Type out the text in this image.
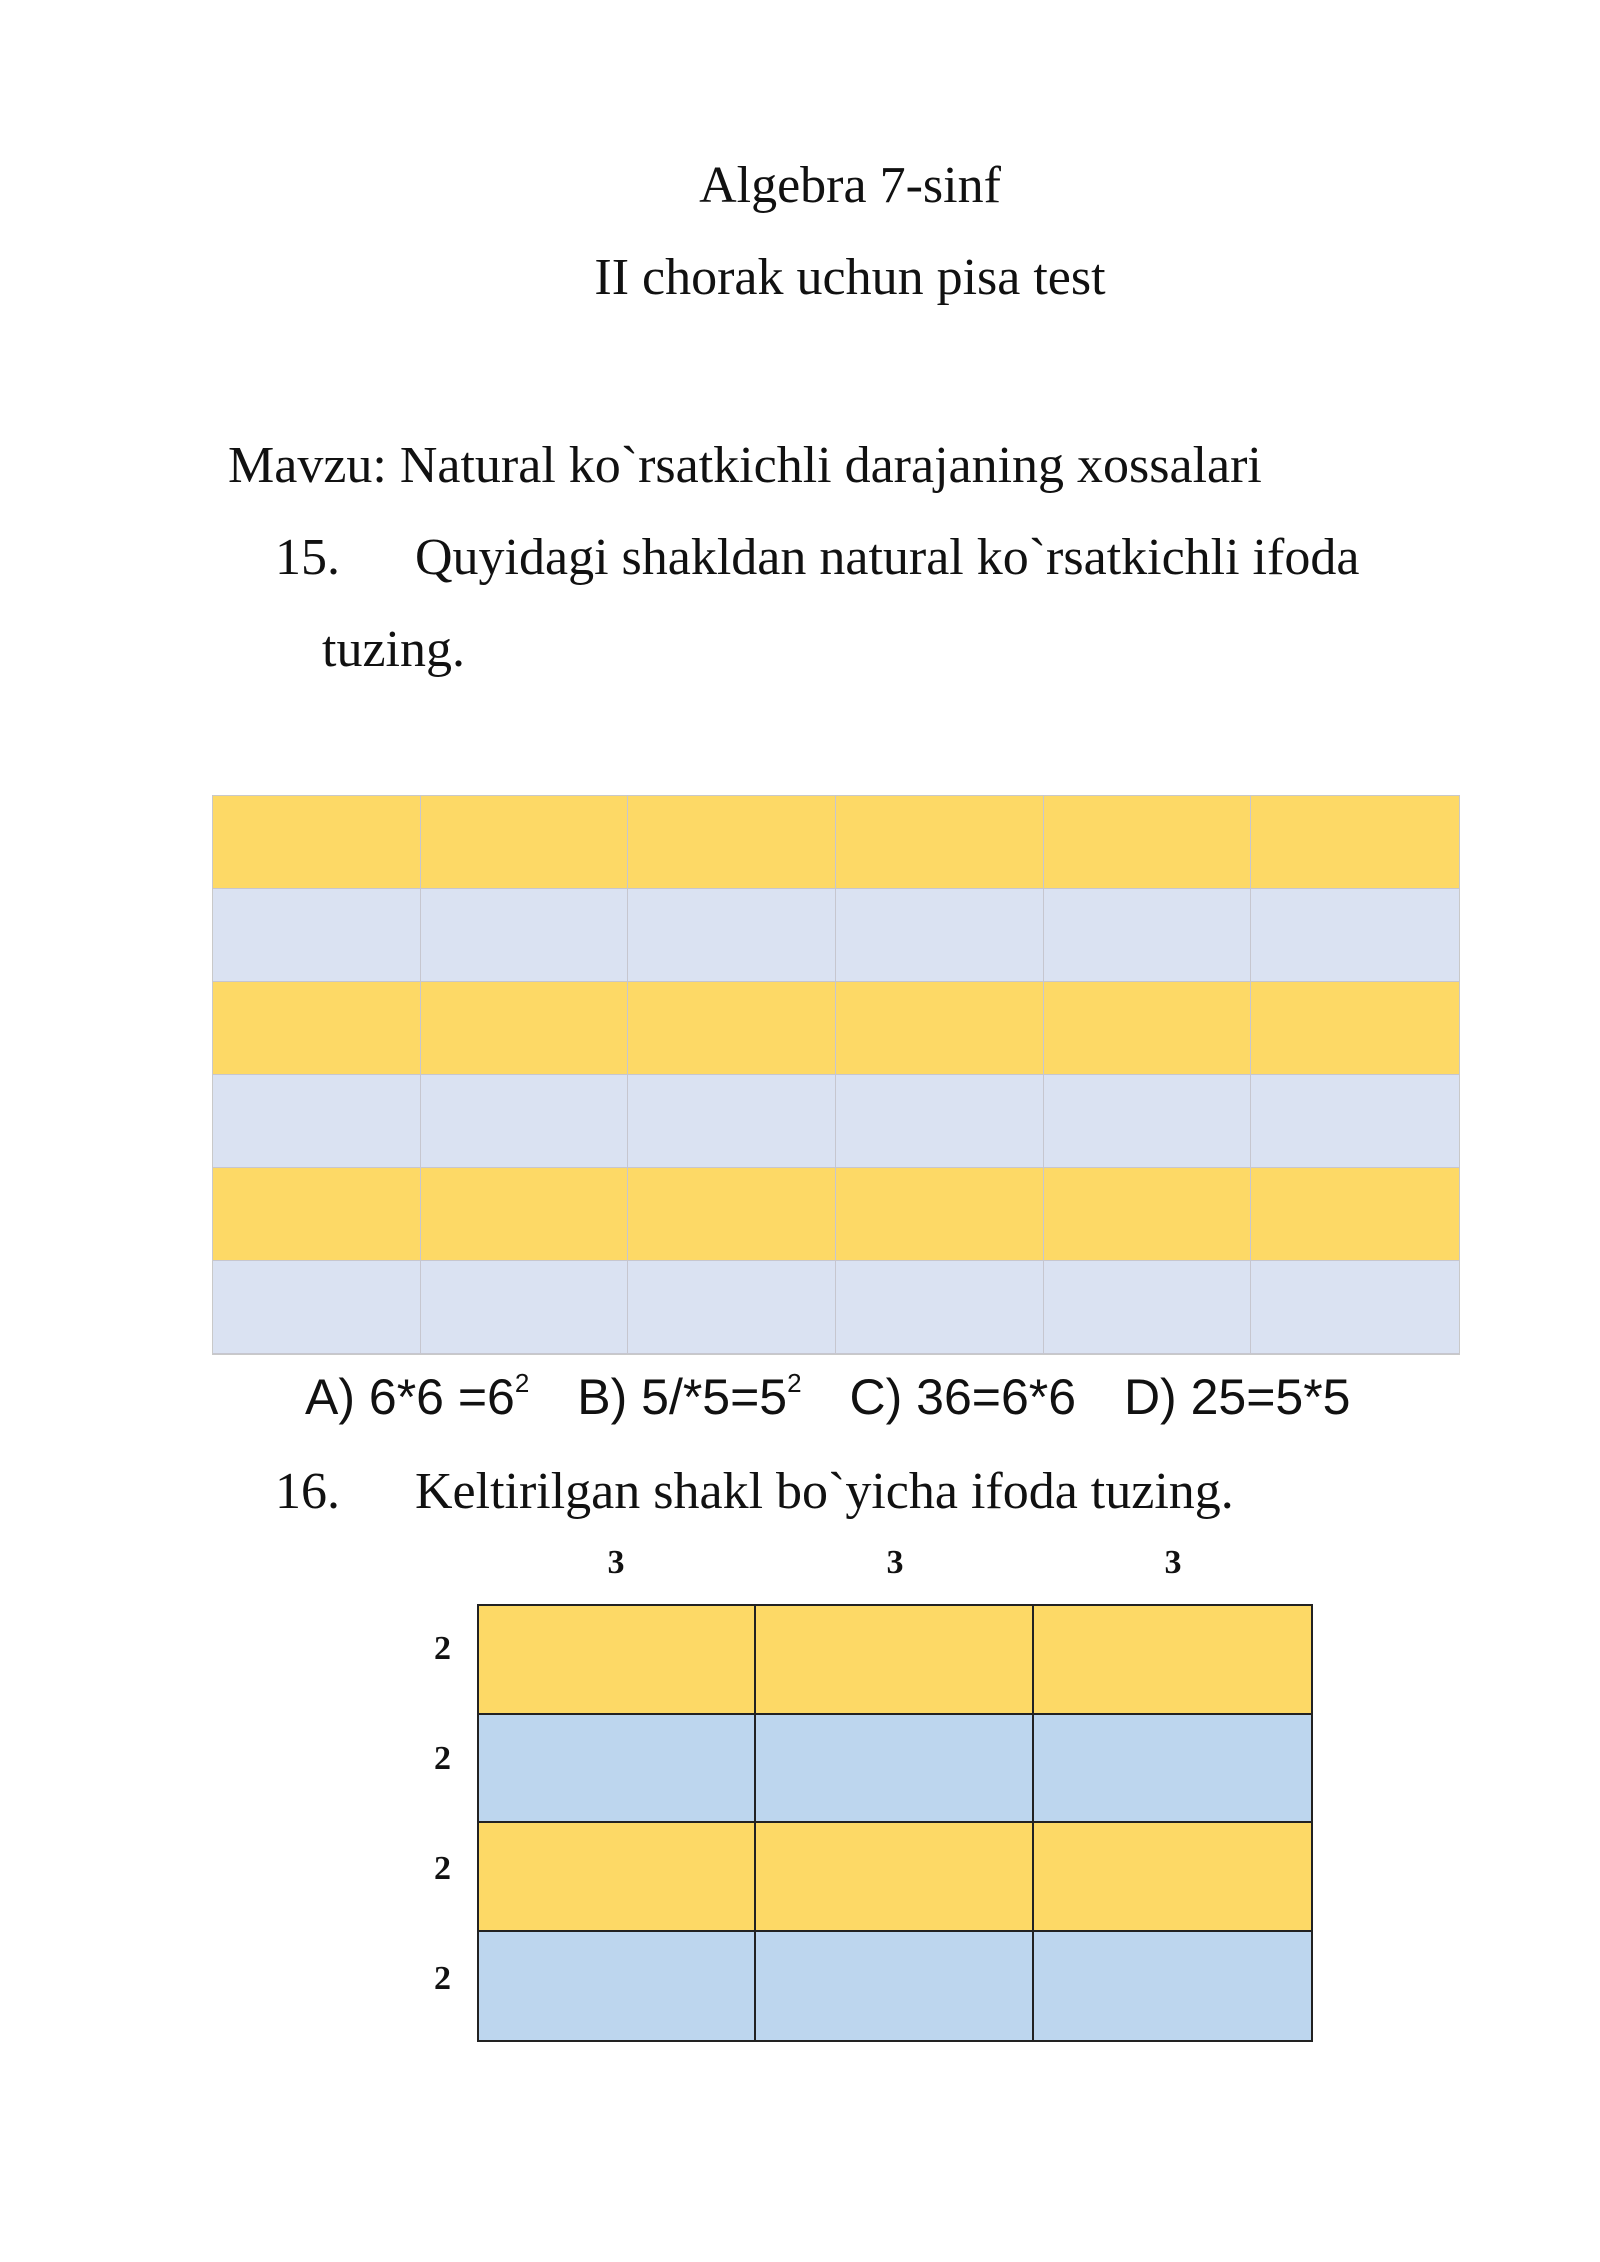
Algebra 7-sinf
II chorak uchun pisa test
Mavzu: Natural ko`rsatkichli darajaning xossalari
15. Quyidagi shakldan natural ko`rsatkichli ifoda
tuzing.
A) $6*6 =6^2$ B) $5/*5=5^2$ C) 36=6*6 D) 25=5*5
16. Keltirilgan shakl bo`yicha ifoda tuzing.
3	3	3
2
2
2
2
